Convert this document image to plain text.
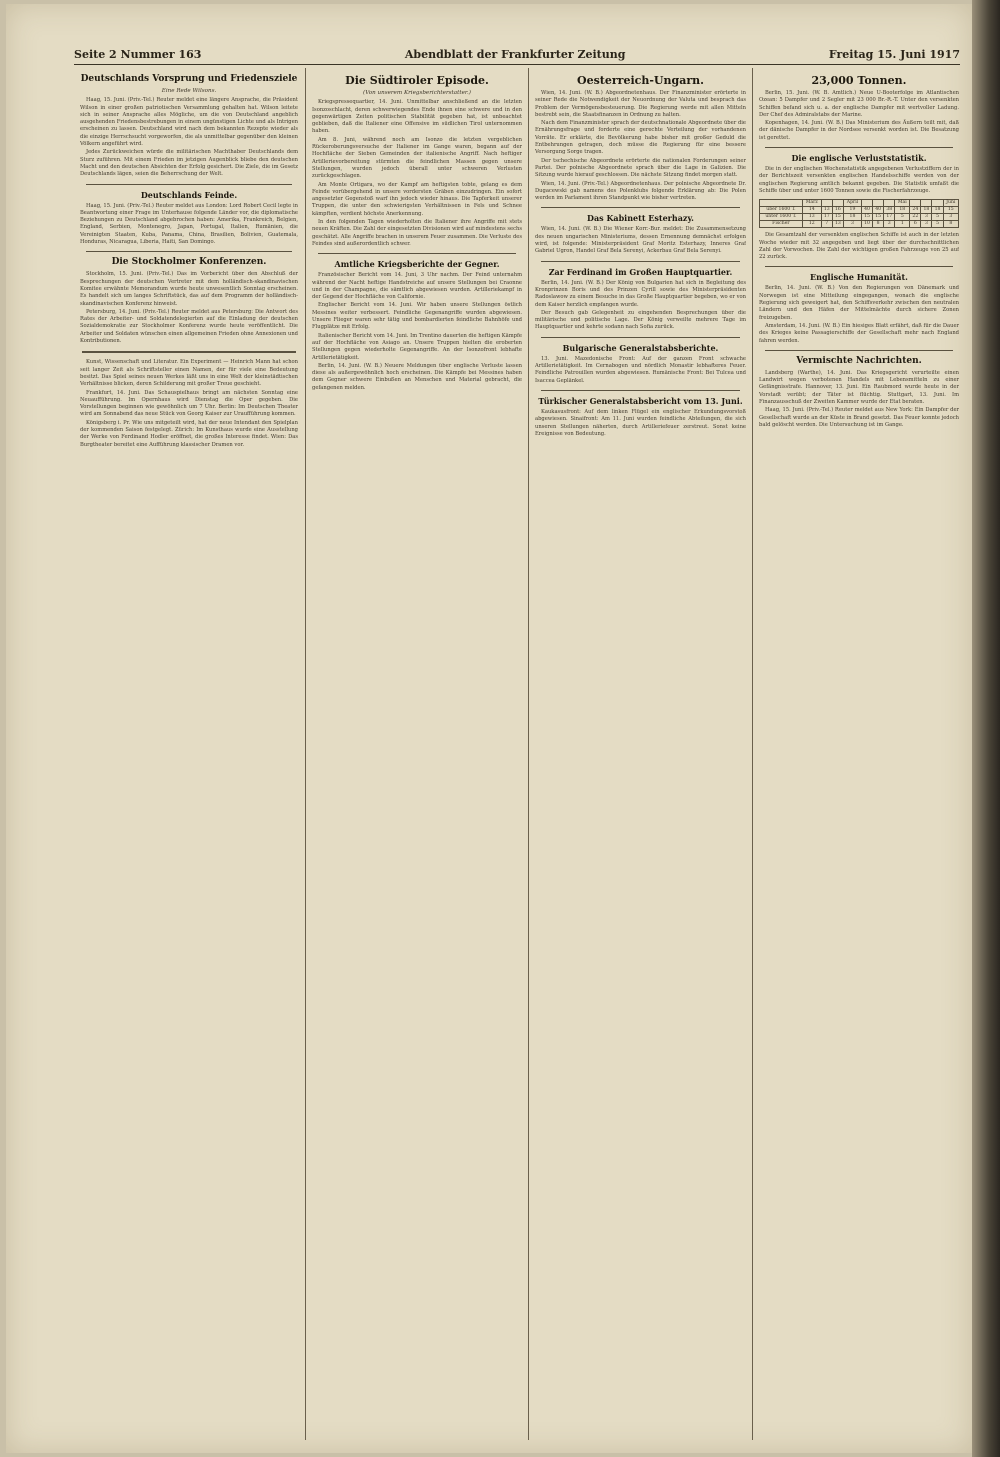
Seite 2 Nummer 163	Abendblatt der Frankfurter Zeitung	Freitag 15. Juni 1917
Deutschlands Vorsprung und Friedensziele
Eine Rede Wilsons.

Haag, 15. Juni. (Priv.-Tel.) Reuter meldet eine längere Ansprache, die Präsident Wilson in einer großen patriotischen Versammlung gehalten hat. Wilson leitete sich in seiner Ansprache alles Mögliche, um die von Deutschland angeblich ausgehenden Friedensbestrebungen in einem ungünstigen Lichte und als Intrigen erscheinen zu lassen. Deutschland wird nach dem bekannten Rezepte wieder als die einzige Herrschsucht vorgeworfen, die als unmittelbar gegenüber den kleinen Völkern angeführt wird.

Jedes Zurückweichen würde die militärischen Machthaber Deutschlands dem Sturz zuführen. Mit einem Frieden im jetzigen Augenblick bliebe den deutschen Macht und den deutschen Absichten der Erfolg gesichert. Die Ziele, die im Gesetz Deutschlands lägen, seien die Beherrschung der Welt.

Deutschlands Feinde.

Haag, 15. Juni. (Priv.-Tel.) Reuter meldet aus London: Lord Robert Cecil legte in Beantwortung einer Frage im Unterhause folgende Länder vor, die diplomatische Beziehungen zu Deutschland abgebrochen haben: Amerika, Frankreich, Belgien, England, Serbien, Montenegro, Japan, Portugal, Italien, Rumänien, die Vereinigten Staaten, Kuba, Panama, China, Brasilien, Bolivien, Guatemala, Honduras, Nicaragua, Liberia, Haiti, San Domingo.

Die Stockholmer Konferenzen.

Stockholm, 15. Juni. (Priv.-Tel.) Das im Vorbericht über den Abschluß der Besprechungen der deutschen Vertreter mit dem holländisch-skandinavischen Komitee erwähnte Memorandum wurde heute unwesentlich Sonntag erscheinen. Es handelt sich um langes Schriftstück, das auf dem Programm der holländisch-skandinavischen Konferenz hinweist.

Petersburg, 14. Juni. (Priv.-Tel.) Reuter meldet aus Petersburg: Die Antwort des Rates der Arbeiter- und Soldatendelegierten auf die Einladung der deutschen Sozialdemokratie zur Stockholmer Konferenz wurde heute veröffentlicht. Die Arbeiter und Soldaten wünschen einen allgemeinen Frieden ohne Annexionen und Kontributionen.

Kunst, Wissenschaft und Literatur. Ein Experiment — Heinrich Mann hat schon seit langer Zeit als Schriftsteller einen Namen, der für viele eine Bedeutung besitzt. Das Spiel seines neuen Werkes läßt uns in eine Welt der kleinstädtischen Verhältnisse blicken, deren Schilderung mit großer Treue geschieht.

Frankfurt, 14. Juni. Das Schauspielhaus bringt am nächsten Sonntag eine Neuaufführung. Im Opernhaus wird Dienstag die Oper gegeben. Die Vorstellungen beginnen wie gewöhnlich um 7 Uhr. Berlin: Im Deutschen Theater wird am Sonnabend das neue Stück von Georg Kaiser zur Uraufführung kommen.

Königsberg i. Pr. Wie uns mitgeteilt wird, hat der neue Intendant den Spielplan der kommenden Saison festgelegt. Zürich: Im Kunsthaus wurde eine Ausstellung der Werke von Ferdinand Hodler eröffnet, die großes Interesse findet. Wien: Das Burgtheater bereitet eine Aufführung klassischer Dramen vor.

Die Südtiroler Episode.
(Von unserem Kriegsberichterstatter.)

Kriegspressequartier, 14. Juni. Unmittelbar anschließend an die letzten Isonzoschlacht, deren schwerwiegendes Ende ihnen eine schwere und in den gegenwärtigen Zeiten politischen Stabilität gegeben hat, ist unbeachtet geblieben, daß die Italiener eine Offensive im südlichen Tirol unternommen haben.

Am 8. Juni, während noch am Isonzo die letzten vergeblichen Rückeroberungsversuche der Italiener im Gange waren, begann auf der Hochfläche der Sieben Gemeinden der italienische Angriff. Nach heftiger Artillerievorbereitung stürmten die feindlichen Massen gegen unsere Stellungen, wurden jedoch überall unter schweren Verlusten zurückgeschlagen.

Am Monte Ortigara, wo der Kampf am heftigsten tobte, gelang es dem Feinde vorübergehend in unsere vordersten Gräben einzudringen. Ein sofort angesetzter Gegenstoß warf ihn jedoch wieder hinaus. Die Tapferkeit unserer Truppen, die unter den schwierigsten Verhältnissen in Fels und Schnee kämpften, verdient höchste Anerkennung.

In den folgenden Tagen wiederholten die Italiener ihre Angriffe mit stets neuen Kräften. Die Zahl der eingesetzten Divisionen wird auf mindestens sechs geschätzt. Alle Angriffe brachen in unserem Feuer zusammen. Die Verluste des Feindes sind außerordentlich schwer.

Amtliche Kriegsberichte der Gegner.

Französischer Bericht vom 14. Juni, 3 Uhr nachm. Der Feind unternahm während der Nacht heftige Handstreiche auf unsere Stellungen bei Craonne und in der Champagne, die sämtlich abgewiesen wurden. Artilleriekampf in der Gegend der Hochfläche von Californie.

Englischer Bericht vom 14. Juni. Wir haben unsere Stellungen östlich Messines weiter verbessert. Feindliche Gegenangriffe wurden abgewiesen. Unsere Flieger waren sehr tätig und bombardierten feindliche Bahnhöfe und Flugplätze mit Erfolg.

Italienischer Bericht vom 14. Juni. Im Trentino dauerten die heftigen Kämpfe auf der Hochfläche von Asiago an. Unsere Truppen hielten die eroberten Stellungen gegen wiederholte Gegenangriffe. An der Isonzofront lebhafte Artillerietätigkeit.

Berlin, 14. Juni. (W. B.) Neuere Meldungen über englische Verluste lassen diese als außergewöhnlich hoch erscheinen. Die Kämpfe bei Messines haben dem Gegner schwere Einbußen an Menschen und Material gebracht, die gefangenen melden.

Oesterreich-Ungarn.

Wien, 14. Juni. (W. B.) Abgeordnetenhaus. Der Finanzminister erörterte in seiner Rede die Notwendigkeit der Neuordnung der Valuta und besprach das Problem der Vermögensbesteuerung. Die Regierung werde mit allen Mitteln bestrebt sein, die Staatsfinanzen in Ordnung zu halten.

Nach dem Finanzminister sprach der deutschnationale Abgeordnete über die Ernährungsfrage und forderte eine gerechte Verteilung der vorhandenen Vorräte. Er erklärte, die Bevölkerung habe bisher mit großer Geduld die Entbehrungen getragen, doch müsse die Regierung für eine bessere Versorgung Sorge tragen.

Der tschechische Abgeordnete erörterte die nationalen Forderungen seiner Partei. Der polnische Abgeordnete sprach über die Lage in Galizien. Die Sitzung wurde hierauf geschlossen. Die nächste Sitzung findet morgen statt.

Wien, 14. Juni. (Priv.-Tel.) Abgeordnetenhaus. Der polnische Abgeordnete Dr. Dugacewski gab namens des Polenklubs folgende Erklärung ab: Die Polen werden im Parlament ihren Standpunkt wie bisher vertreten.

Das Kabinett Esterhazy.

Wien, 14. Juni. (W. B.) Die Wiener Korr.-Bur. meldet: Die Zusammensetzung des neuen ungarischen Ministeriums, dessen Ernennung demnächst erfolgen wird, ist folgende: Ministerpräsident Graf Moritz Esterhazy, Inneres Graf Gabriel Ugron, Handel Graf Bela Serenyi, Ackerbau Graf Bela Serenyi.

Zar Ferdinand im Großen Hauptquartier.

Berlin, 14. Juni. (W. B.) Der König von Bulgarien hat sich in Begleitung des Kronprinzen Boris und des Prinzen Cyrill sowie des Ministerpräsidenten Radoslawow zu einem Besuche in das Große Hauptquartier begeben, wo er von dem Kaiser herzlich empfangen wurde.

Der Besuch gab Gelegenheit zu eingehenden Besprechungen über die militärische und politische Lage. Der König verweilte mehrere Tage im Hauptquartier und kehrte sodann nach Sofia zurück.

Bulgarische Generalstabsberichte.

13. Juni. Mazedonische Front: Auf der ganzen Front schwache Artillerietätigkeit. Im Cernabogen und nördlich Monastir lebhafteres Feuer. Feindliche Patrouillen wurden abgewiesen. Rumänische Front: Bei Tulcea und Isaccea Geplänkel.

Türkischer Generalstabsbericht vom 13. Juni.

Kaukasusfront: Auf dem linken Flügel ein englischer Erkundungsvorstoß abgewiesen. Sinaifront: Am 11. Juni wurden feindliche Abteilungen, die sich unseren Stellungen näherten, durch Artilleriefeuer zerstreut. Sonst keine Ereignisse von Bedeutung.

23,000 Tonnen.

Berlin, 15. Juni. (W. B. Amtlich.) Neue U-Booterfolge im Atlantischen Ozean: 5 Dampfer und 2 Segler mit 23 000 Br.-R.-T. Unter den versenkten Schiffen befand sich u. a. der englische Dampfer mit wertvoller Ladung. Der Chef des Admiralstabs der Marine.

Kopenhagen, 14. Juni. (W. B.) Das Ministerium des Äußern teilt mit, daß der dänische Dampfer in der Nordsee versenkt worden ist. Die Besatzung ist gerettet.

Die englische Verluststatistik.

Die in der englischen Wochenstatistik angegebenen Verlustziffern der in der Berichtszeit versenkten englischen Handelsschiffe werden von der englischen Regierung amtlich bekannt gegeben. Die Statistik umfaßt die Schiffe über und unter 1600 Tonnen sowie die Fischerfahrzeuge.

	März			April				Mai				Juni
über 1600 T.	14	13	16	19	40	40	38	18	24	18	18	15
unter 1600 T.	13	17	15	18	15	15	17	5	22	3	5	3
Fischer	12	7	13	3	10	8	3	1	6	3	5	8

Die Gesamtzahl der versenkten englischen Schiffe ist auch in der letzten Woche wieder mit 32 angegeben und liegt über der durchschnittlichen Zahl der Vorwochen. Die Zahl der wichtigen großen Fahrzeuge von 25 auf 22 zurück.

Englische Humanität.

Berlin, 14. Juni. (W. B.) Von den Regierungen von Dänemark und Norwegen ist eine Mitteilung eingegangen, wonach die englische Regierung sich geweigert hat, den Schiffsverkehr zwischen den neutralen Ländern und den Häfen der Mittelmächte durch sichere Zonen freizugeben.

Amsterdam, 14. Juni. (W. B.) Ein hiesiges Blatt erfährt, daß für die Dauer des Krieges keine Passagierschiffe der Gesellschaft mehr nach England fahren werden.

Vermischte Nachrichten.

Landsberg (Warthe), 14. Juni. Das Kriegsgericht verurteilte einen Landwirt wegen verbotenen Handels mit Lebensmitteln zu einer Gefängnisstrafe. Hannover, 13. Juni. Ein Raubmord wurde heute in der Vorstadt verübt; der Täter ist flüchtig. Stuttgart, 13. Juni. Im Finanzausschuß der Zweiten Kammer wurde der Etat beraten.

Haag, 15. Juni. (Priv.-Tel.) Reuter meldet aus New York: Ein Dampfer der Gesellschaft wurde an der Küste in Brand gesetzt. Das Feuer konnte jedoch bald gelöscht werden. Die Untersuchung ist im Gange.
